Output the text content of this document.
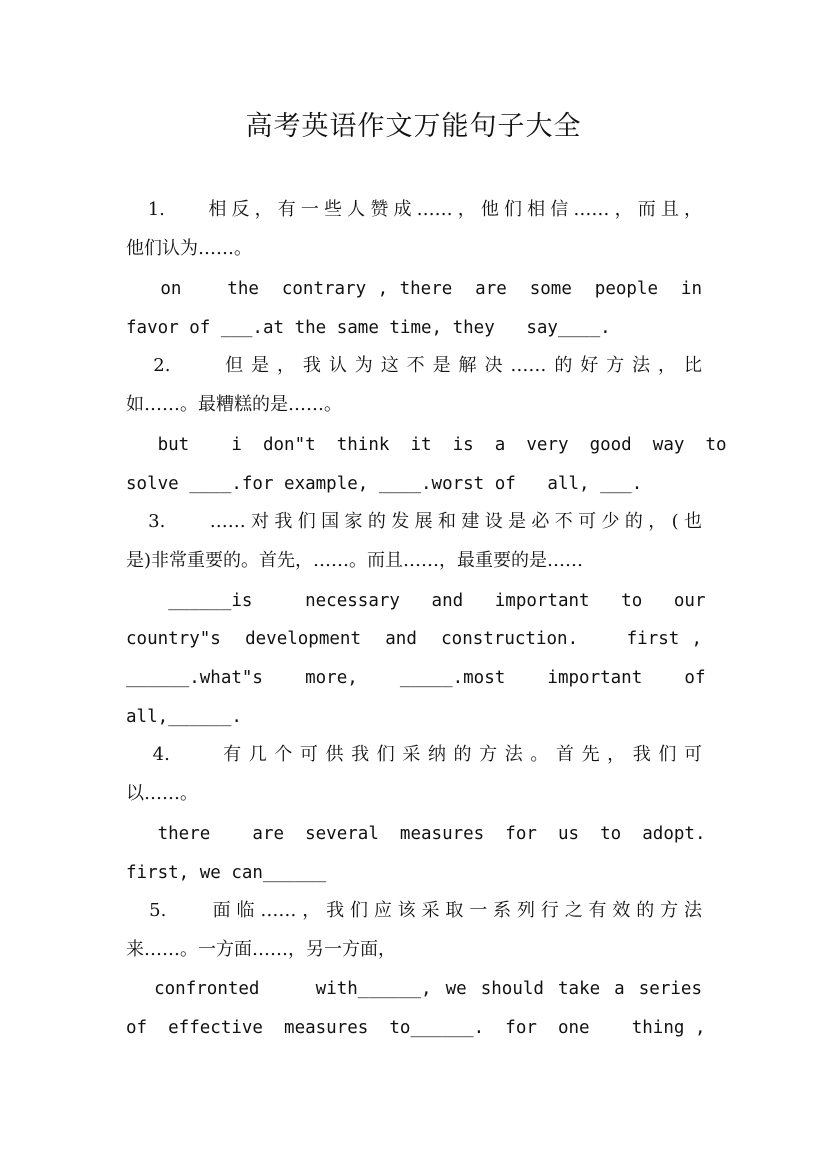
高考英语作文万能句子大全
1.    相反，有一些人赞成……，他们相信……，而且，
他们认为……。
on    the  contrary , there  are  some  people  in
favor of ___.at the same time, they   say____.
2.    但是，我认为这不是解决……的好方法，比
如……。最糟糕的是……。
but    i  don"t  think  it  is  a  very  good  way  to
solve ____.for example, ____.worst of   all, ___.
3.    ……对我们国家的发展和建设是必不可少的，(也
是)非常重要的。首先，……。而且……，最重要的是……
______is     necessary   and   important   to   our
country"s  development  and  construction.    first ,
______.what"s    more,    _____.most    important    of
all,______.
4.    有几个可供我们采纳的方法。首先，我们可
以……。
there    are  several  measures  for  us  to  adopt.
first, we can______
5.    面临……，我们应该采取一系列行之有效的方法
来……。一方面……，另一方面，
confronted    with______, we should take a series
of  effective  measures  to______.  for  one    thing ,
